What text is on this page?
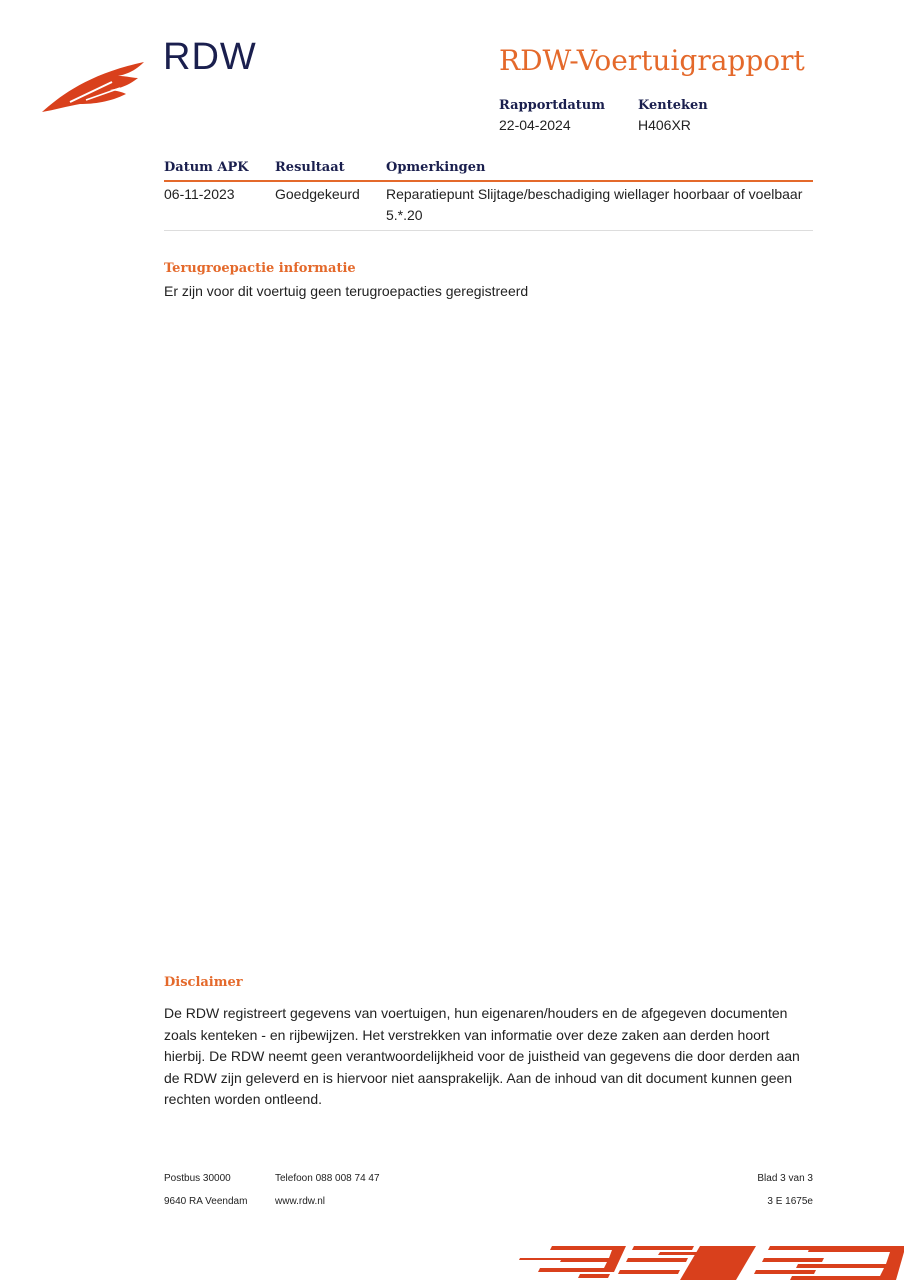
RDW	RDW-Voertuigrapport
Rapportdatum
22-04-2024
Kenteken
H406XR
Datum APK	Resultaat	Opmerkingen
06-11-2023	Goedgekeurd	Reparatiepunt Slijtage/beschadiging wiellager hoorbaar of voelbaar
5.*.20
Terugroepactie informatie
Er zijn voor dit voertuig geen terugroepacties geregistreerd
Disclaimer
De RDW registreert gegevens van voertuigen, hun eigenaren/houders en de afgegeven documenten zoals kenteken - en rijbewijzen. Het verstrekken van informatie over deze zaken aan derden hoort hierbij. De RDW neemt geen verantwoordelijkheid voor de juistheid van gegevens die door derden aan de RDW zijn geleverd en is hiervoor niet aansprakelijk. Aan de inhoud van dit document kunnen geen rechten worden ontleend.
Postbus 30000
9640 RA Veendam
Telefoon 088 008 74 47
www.rdw.nl
Blad 3 van 3
3 E 1675e
